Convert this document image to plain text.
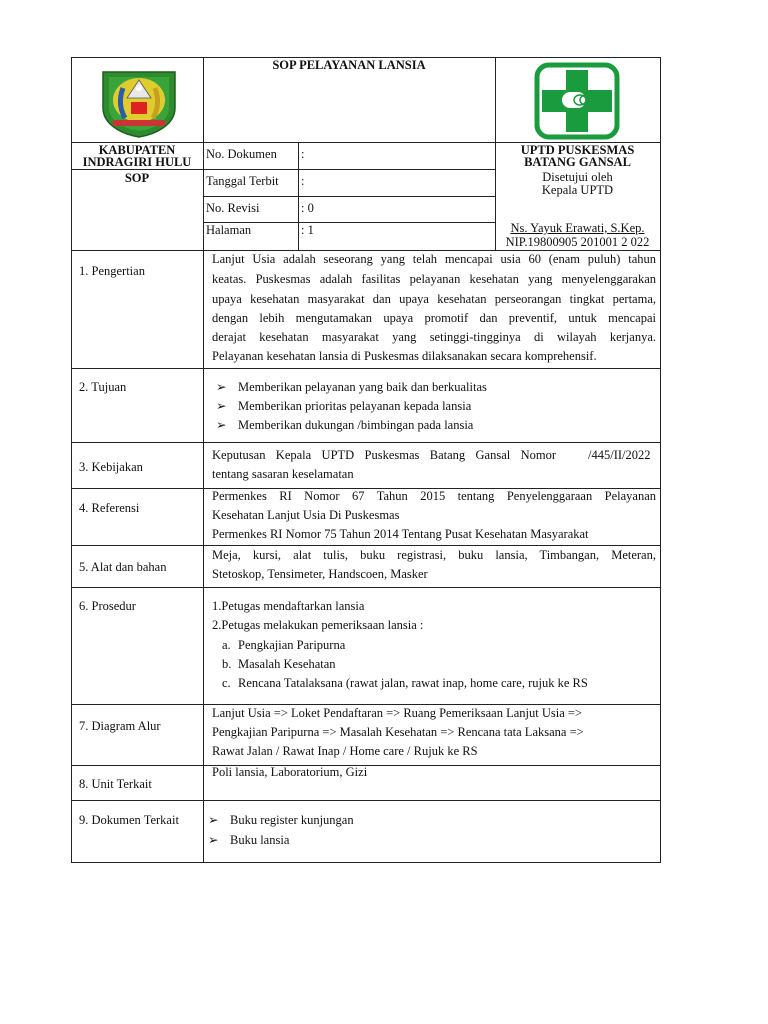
SOP PELAYANAN LANSIA
KABUPATEN
INDRAGIRI HULU
SOP
UPTD PUSKESMAS
BATANG GANSAL
No. Dokumen :
Tanggal Terbit :
No. Revisi	: 0
Halaman	: 1
Disetujui oleh
Kepala UPTD
Ns. Yayuk Erawati, S.Kep.
NIP.19800905 201001 2 022
1. Pengertian
Lanjut Usia adalah seseorang yang telah mencapai usia 60 (enam puluh) tahun
keatas. Puskesmas adalah fasilitas pelayanan kesehatan yang menyelenggarakan
upaya kesehatan masyarakat dan upaya kesehatan perseorangan tingkat pertama,
dengan lebih mengutamakan upaya promotif dan preventif, untuk mencapai
derajat kesehatan masyarakat yang setinggi-tingginya di wilayah kerjanya.
Pelayanan kesehatan lansia di Puskesmas dilaksanakan secara komprehensif.
2. Tujuan	➢ Memberikan pelayanan yang baik dan berkualitas
➢ Memberikan prioritas pelayanan kepada lansia
➢ Memberikan dukungan /bimbingan pada lansia
3. Kebijakan
Keputusan Kepala UPTD Puskesmas Batang Gansal Nomor	/445/II/2022
tentang sasaran keselamatan
4. Referensi
Permenkes RI Nomor 67 Tahun 2015 tentang Penyelenggaraan Pelayanan
Kesehatan Lanjut Usia Di Puskesmas
Permenkes RI Nomor 75 Tahun 2014 Tentang Pusat Kesehatan Masyarakat
5. Alat dan bahan
Meja, kursi, alat tulis, buku registrasi, buku lansia, Timbangan, Meteran,
Stetoskop, Tensimeter, Handscoen, Masker
6. Prosedur	1.Petugas mendaftarkan lansia
2.Petugas melakukan pemeriksaan lansia :
a. Pengkajian Paripurna
b. Masalah Kesehatan
c. Rencana Tatalaksana (rawat jalan, rawat inap, home care, rujuk ke RS
7. Diagram Alur
Lanjut Usia => Loket Pendaftaran => Ruang Pemeriksaan Lanjut Usia =>
Pengkajian Paripurna => Masalah Kesehatan => Rencana tata Laksana =>
Rawat Jalan / Rawat Inap / Home care / Rujuk ke RS
8. Unit Terkait
Poli lansia, Laboratorium, Gizi
9. Dokumen Terkait ➢ Buku register kunjungan
➢ Buku lansia
